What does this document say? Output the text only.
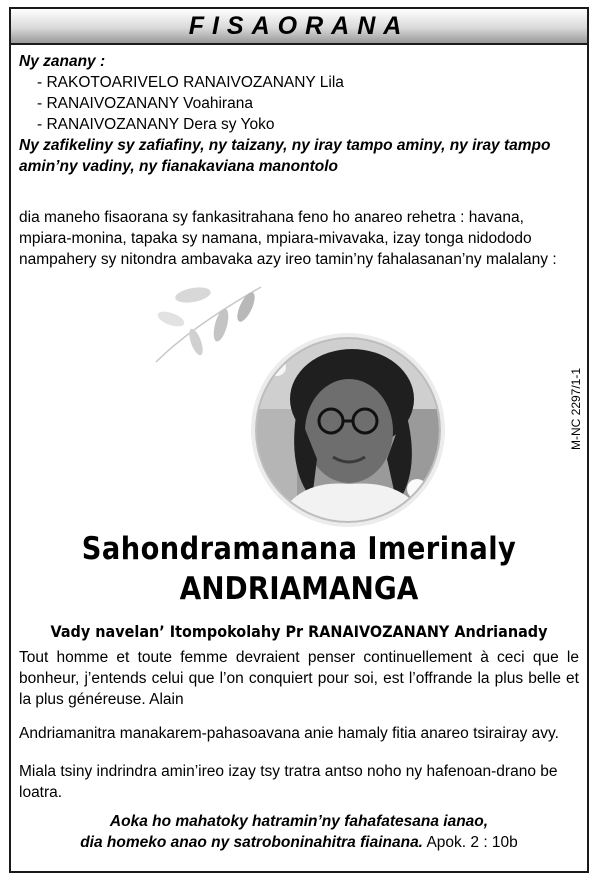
FISAORANA
Ny zanany :
- RAKOTOARIVELO RANAIVOZANANY Lila
- RANAIVOZANANY Voahirana
- RANAIVOZANANY Dera sy Yoko
Ny zafikeliny sy zafiafiny, ny taizany, ny iray tampo aminy, ny iray tampo amin’ny vadiny, ny fianakaviana manontolo
dia maneho fisaorana sy fankasitrahana feno ho anareo rehetra : havana, mpiara-monina, tapaka sy namana, mpiara-mivavaka, izay tonga nidododo nampahery sy nitondra ambavaka azy ireo tamin’ny fahalasanan’ny malalany :
M-NC 2297/1-1
Sahondramanana Imerinaly
ANDRIAMANGA
Vady navelan’ Itompokolahy Pr RANAIVOZANANY Andrianady
Tout homme et toute femme devraient penser continuellement à ceci que le bonheur, j’entends celui que l’on conquiert pour soi, est l’offrande la plus belle et la plus généreuse. Alain
Andriamanitra manakarem-pahasoavana anie hamaly fitia anareo tsirairay avy.
Miala tsiny indrindra amin’ireo izay tsy tratra antso noho ny hafenoan-drano be loatra.
Aoka ho mahatoky hatramin’ny fahafatesana ianao,
dia homeko anao ny satroboninahitra fiainana. Apok. 2 : 10b
